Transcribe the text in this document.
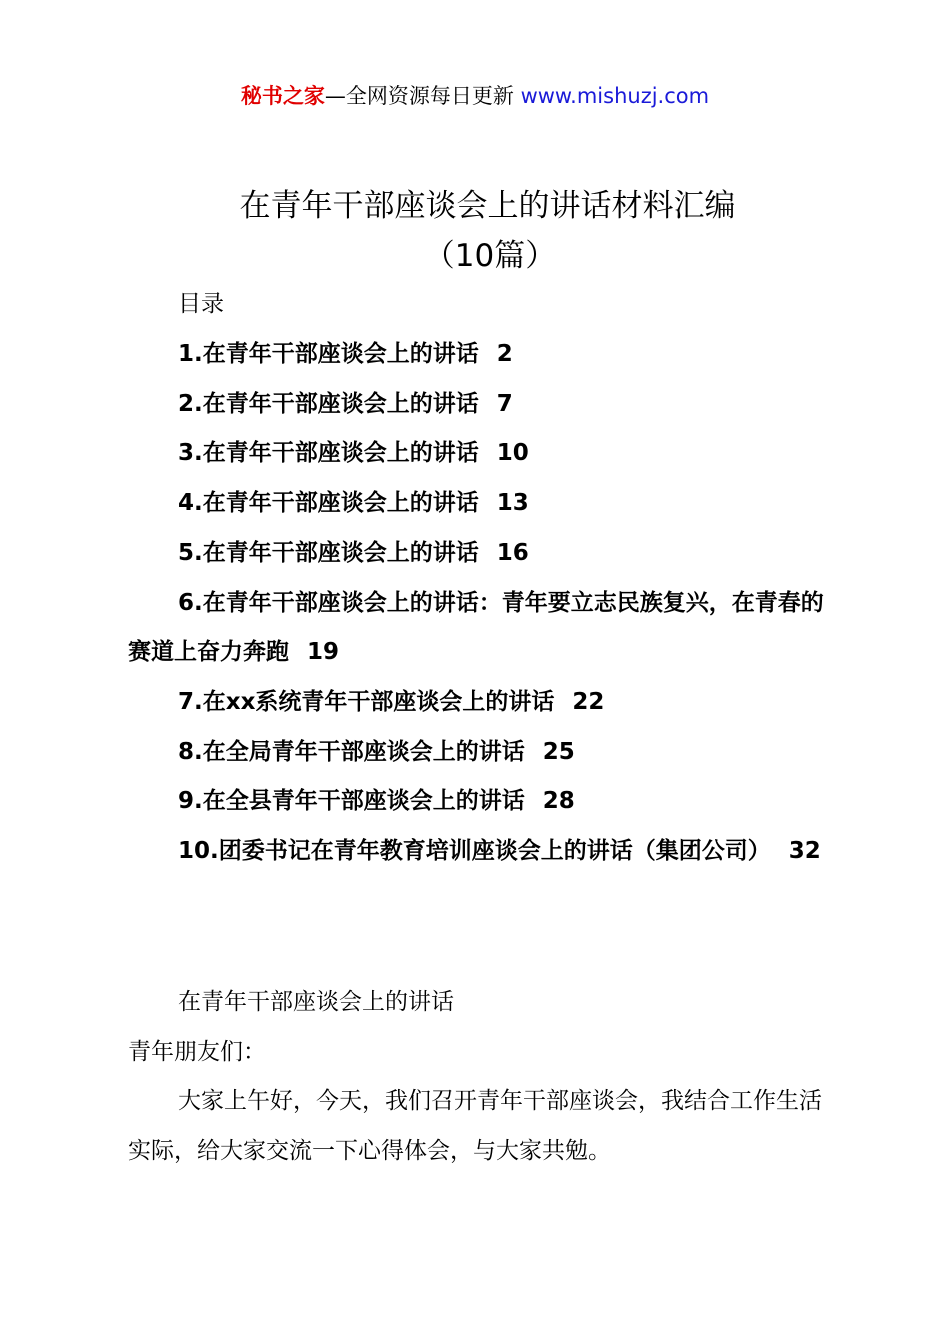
秘书之家—全网资源每日更新 www.mishuzj.com
在青年干部座谈会上的讲话材料汇编
（10篇）
目录
1.在青年干部座谈会上的讲话 2
2.在青年干部座谈会上的讲话 7
3.在青年干部座谈会上的讲话 10
4.在青年干部座谈会上的讲话 13
5.在青年干部座谈会上的讲话 16
6.在青年干部座谈会上的讲话：青年要立志民族复兴，在青春的赛道上奋力奔跑 19
7.在xx系统青年干部座谈会上的讲话 22
8.在全局青年干部座谈会上的讲话 25
9.在全县青年干部座谈会上的讲话 28
10.团委书记在青年教育培训座谈会上的讲话（集团公司） 32

在青年干部座谈会上的讲话

青年朋友们：

大家上午好，今天，我们召开青年干部座谈会，我结合工作生活实际，给大家交流一下心得体会，与大家共勉。
